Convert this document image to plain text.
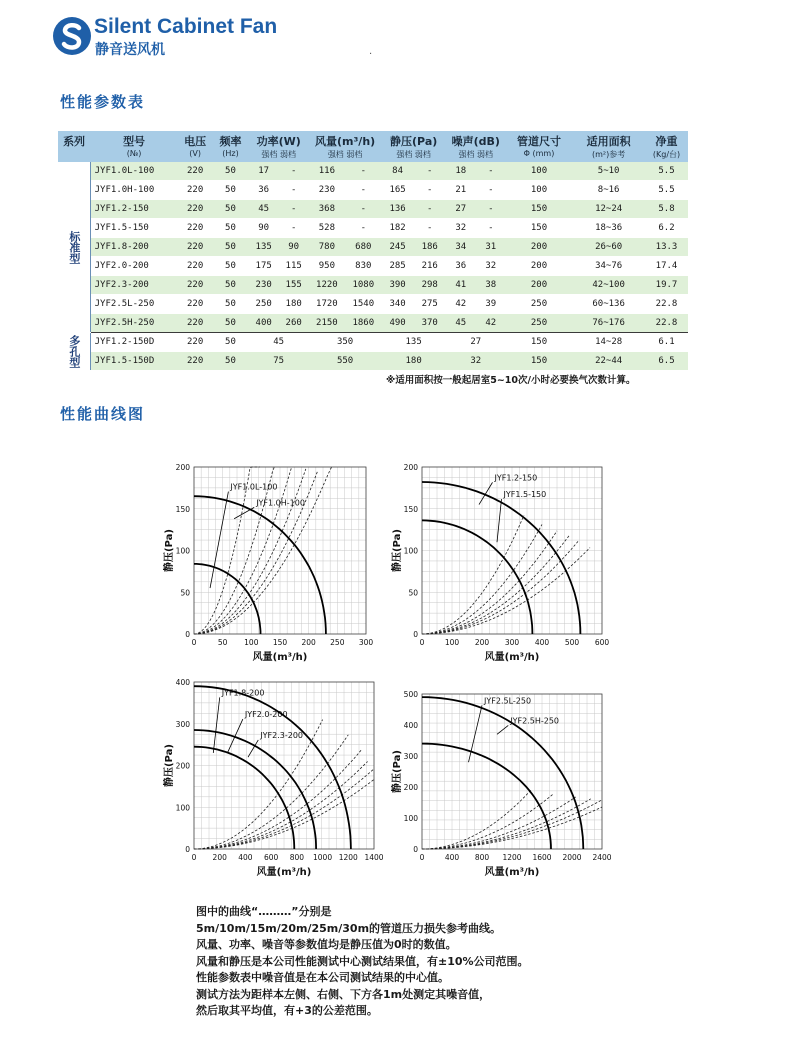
Silent Cabinet Fan
静音送风机	.
性能参数表
系列	型号	电压	频率	功率(W)		风量(m³/h)		静压(Pa)		噪声(dB)		管道尺寸	适用面积	净重
	(№)	(V)	(Hz)	强档 弱档		强档 弱档		强档 弱档		强档 弱档		Φ (mm)	(m²)参考	(Kg/台)
标准型	JYF1.0L-100	220	50	17	-	116	-	84	-	18	-	100	5~10	5.5
	JYF1.0H-100	220	50	36	-	230	-	165	-	21	-	100	8~16	5.5
	JYF1.2-150	220	50	45	-	368	-	136	-	27	-	150	12~24	5.8
	JYF1.5-150	220	50	90	-	528	-	182	-	32	-	150	18~36	6.2
	JYF1.8-200	220	50	135	90	780	680	245	186	34	31	200	26~60	13.3
	JYF2.0-200	220	50	175	115	950	830	285	216	36	32	200	34~76	17.4
	JYF2.3-200	220	50	230	155	1220	1080	390	298	41	38	200	42~100	19.7
	JYF2.5L-250	220	50	250	180	1720	1540	340	275	42	39	250	60~136	22.8
	JYF2.5H-250	220	50	400	260	2150	1860	490	370	45	42	250	76~176	22.8
多孔型	JYF1.2-150D	220	50	45		350		135		27		150	14~28	6.1
	JYF1.5-150D	220	50	75		550		180		32		150	22~44	6.5
※适用面积按一般起居室5~10次/小时必要换气次数计算。
性能曲线图
0	50 100 150 200 250 300
0
50
100
150
200
风量(m³/h)
静压(Pa)
JYF1.0L-100
JYF1.0H-100
0	100 200 300 400 500 600
0
50
100
150
200
风量(m³/h)
静压(Pa)
JYF1.2-150
JYF1.5-150
0 200 400 600 800 1000 1200 1400
0
100
200
300
400
风量(m³/h)
静压(Pa)
JYF1.8-200
JYF2.0-200
JYF2.3-200
0	400 800 1200 1600 2000 2400
0
100
200
300
400
500
风量(m³/h)
静压(Pa)
JYF2.5L-250
JYF2.5H-250
图中的曲线“………”分别是
5m/10m/15m/20m/25m/30m的管道压力损失参考曲线。
风量、功率、噪音等参数值均是静压值为0时的数值。
风量和静压是本公司性能测试中心测试结果值，有±10%公司范围。
性能参数表中噪音值是在本公司测试结果的中心值。
测试方法为距样本左侧、右侧、下方各1m处测定其噪音值，
然后取其平均值，有+3的公差范围。
